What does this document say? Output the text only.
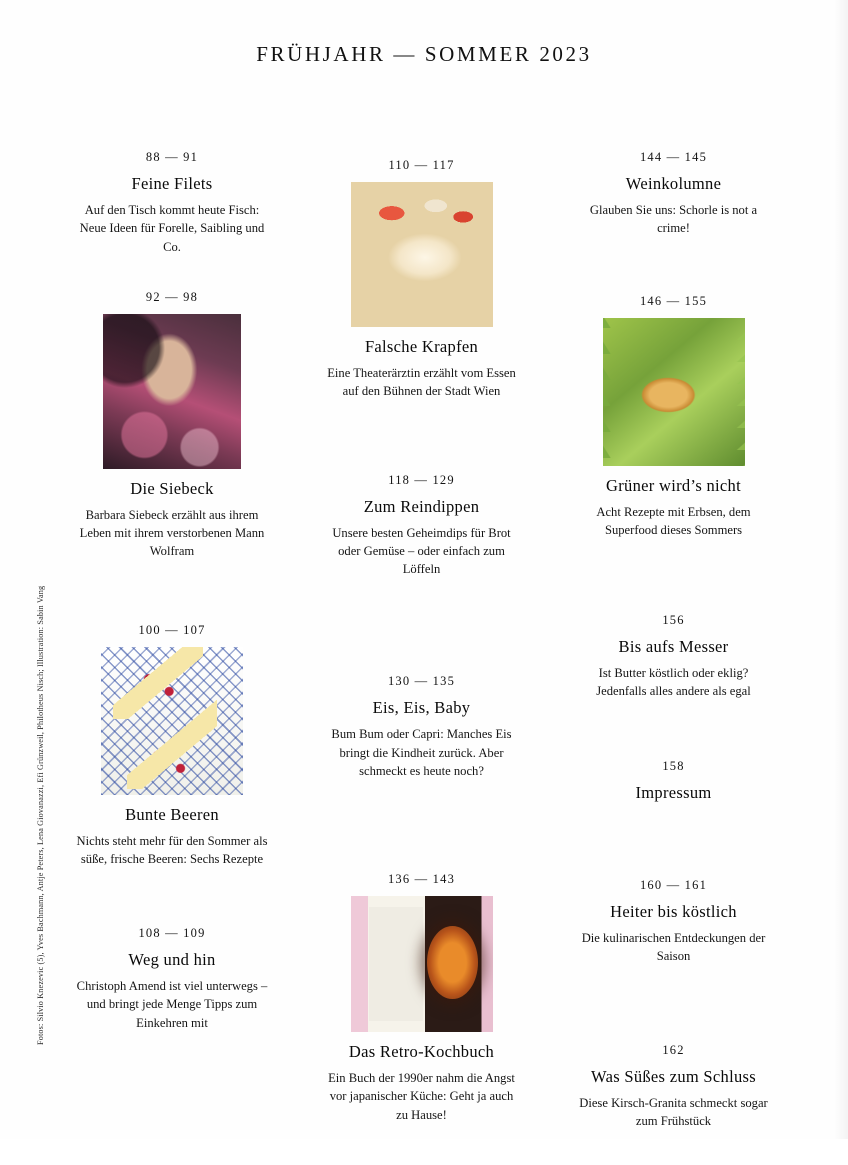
FRÜHJAHR — SOMMER 2023
Fotos: Silvio Knezevic (5), Yves Bachmann, Antje Peters, Lena Giovanazzi, Efi Grünzweil, Philotheus Nisch; Illustration: Sabin Vang
88 — 91
Feine Filets
Auf den Tisch kommt heute Fisch: Neue Ideen für Forelle, Saibling und Co.
92 — 98
Die Siebeck
Barbara Siebeck erzählt aus ihrem Leben mit ihrem verstorbenen Mann Wolfram
100 — 107
Bunte Beeren
Nichts steht mehr für den Sommer als süße, frische Beeren: Sechs Rezepte
108 — 109
Weg und hin
Christoph Amend ist viel unterwegs – und bringt jede Menge Tipps zum Einkehren mit
110 — 117
Falsche Krapfen
Eine Theaterärztin erzählt vom Essen auf den Bühnen der Stadt Wien
118 — 129
Zum Reindippen
Unsere besten Geheimdips für Brot oder Gemüse – oder einfach zum Löffeln
130 — 135
Eis, Eis, Baby
Bum Bum oder Capri: Manches Eis bringt die Kindheit zurück. Aber schmeckt es heute noch?
136 — 143
Das Retro-Kochbuch
Ein Buch der 1990er nahm die Angst vor japanischer Küche: Geht ja auch zu Hause!
144 — 145
Weinkolumne
Glauben Sie uns: Schorle is not a crime!
146 — 155
Grüner wird’s nicht
Acht Rezepte mit Erbsen, dem Superfood dieses Sommers
156
Bis aufs Messer
Ist Butter köstlich oder eklig? Jedenfalls alles andere als egal
158
Impressum
160 — 161
Heiter bis köstlich
Die kulinarischen Entdeckungen der Saison
162
Was Süßes zum Schluss
Diese Kirsch-Granita schmeckt sogar zum Frühstück
